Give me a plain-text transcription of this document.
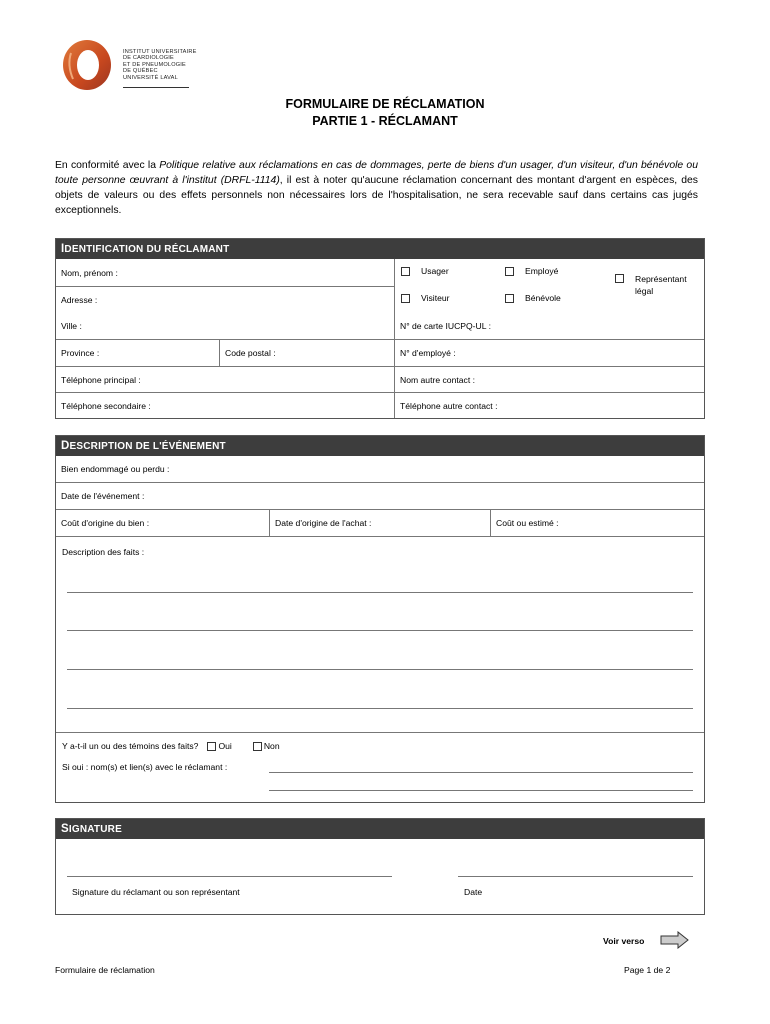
INSTITUT UNIVERSITAIRE
DE CARDIOLOGIE
ET DE PNEUMOLOGIE
DE QUÉBEC
UNIVERSITÉ LAVAL
FORMULAIRE DE RÉCLAMATION
PARTIE 1 - RÉCLAMANT
En conformité avec la Politique relative aux réclamations en cas de dommages, perte de biens d'un usager, d'un visiteur, d'un bénévole ou toute personne œuvrant à l'institut (DRFL-1114), il est à noter qu'aucune réclamation concernant des montant d'argent en espèces, des objets de valeurs ou des effets personnels non nécessaires lors de l'hospitalisation, ne sera recevable sauf dans certains cas jugés exceptionnels.
IDENTIFICATION DU RÉCLAMANT
Nom, prénom :
Adresse :
Usager	Employé
Visiteur	Bénévole
Représentant
légal
Ville :	N° de carte IUCPQ-UL :
Province :	Code postal :	N° d'employé :
Téléphone principal :	Nom autre contact :
Téléphone secondaire :	Téléphone autre contact :
DESCRIPTION DE L'ÉVÉNEMENT
Bien endommagé ou perdu :
Date de l'événement :
Coût d'origine du bien :	Date d'origine de l'achat :	Coût ou estimé :
Description des faits :
Y a-t-il un ou des témoins des faits? Oui	Non
Si oui : nom(s) et lien(s) avec le réclamant :
SIGNATURE
Signature du réclamant ou son représentant	Date
Voir verso
Formulaire de réclamation	Page 1 de 2
